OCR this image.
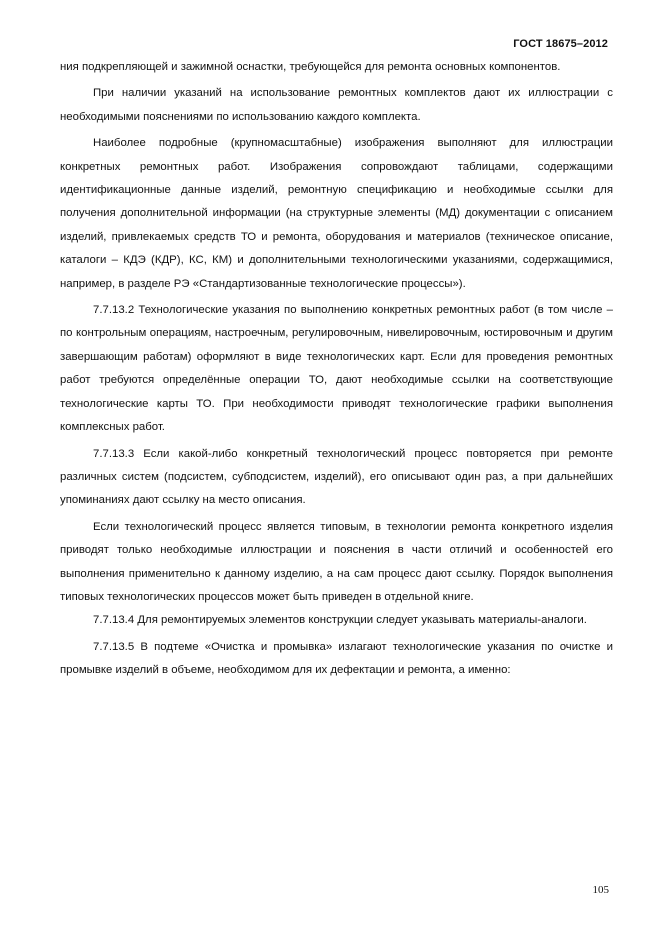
ГОСТ 18675–2012

ния подкрепляющей и зажимной оснастки, требующейся для ремонта основных компонентов.

При наличии указаний на использование ремонтных комплектов дают их иллюстрации с необходимыми пояснениями по использованию каждого комплекта.

Наиболее подробные (крупномасштабные) изображения выполняют для иллюстрации конкретных ремонтных работ. Изображения сопровождают таблицами, содержащими идентификационные данные изделий, ремонтную спецификацию и необходимые ссылки для получения дополнительной информации (на структурные элементы (МД) документации с описанием изделий, привлекаемых средств ТО и ремонта, оборудования и материалов (техническое описание, каталоги – КДЭ (КДР), КС, КМ) и дополнительными технологическими указаниями, содержащимися, например, в разделе РЭ «Стандартизованные технологические процессы»).

7.7.13.2 Технологические указания по выполнению конкретных ремонтных работ (в том числе – по контрольным операциям, настроечным, регулировочным, нивелировочным, юстировочным и другим завершающим работам) оформляют в виде технологических карт. Если для проведения ремонтных работ требуются определённые операции ТО, дают необходимые ссылки на соответствующие технологические карты ТО. При необходимости приводят технологические графики выполнения комплексных работ.

7.7.13.3 Если какой-либо конкретный технологический процесс повторяется при ремонте различных систем (подсистем, субподсистем, изделий), его описывают один раз, а при дальнейших упоминаниях дают ссылку на место описания.

Если технологический процесс является типовым, в технологии ремонта конкретного изделия приводят только необходимые иллюстрации и пояснения в части отличий и особенностей его выполнения применительно к данному изделию, а на сам процесс дают ссылку. Порядок выполнения типовых технологических процессов может быть приведен в отдельной книге.

7.7.13.4 Для ремонтируемых элементов конструкции следует указывать материалы-аналоги.

7.7.13.5 В подтеме «Очистка и промывка» излагают технологические указания по очистке и промывке изделий в объеме, необходимом для их дефектации и ремонта, а именно:

105
